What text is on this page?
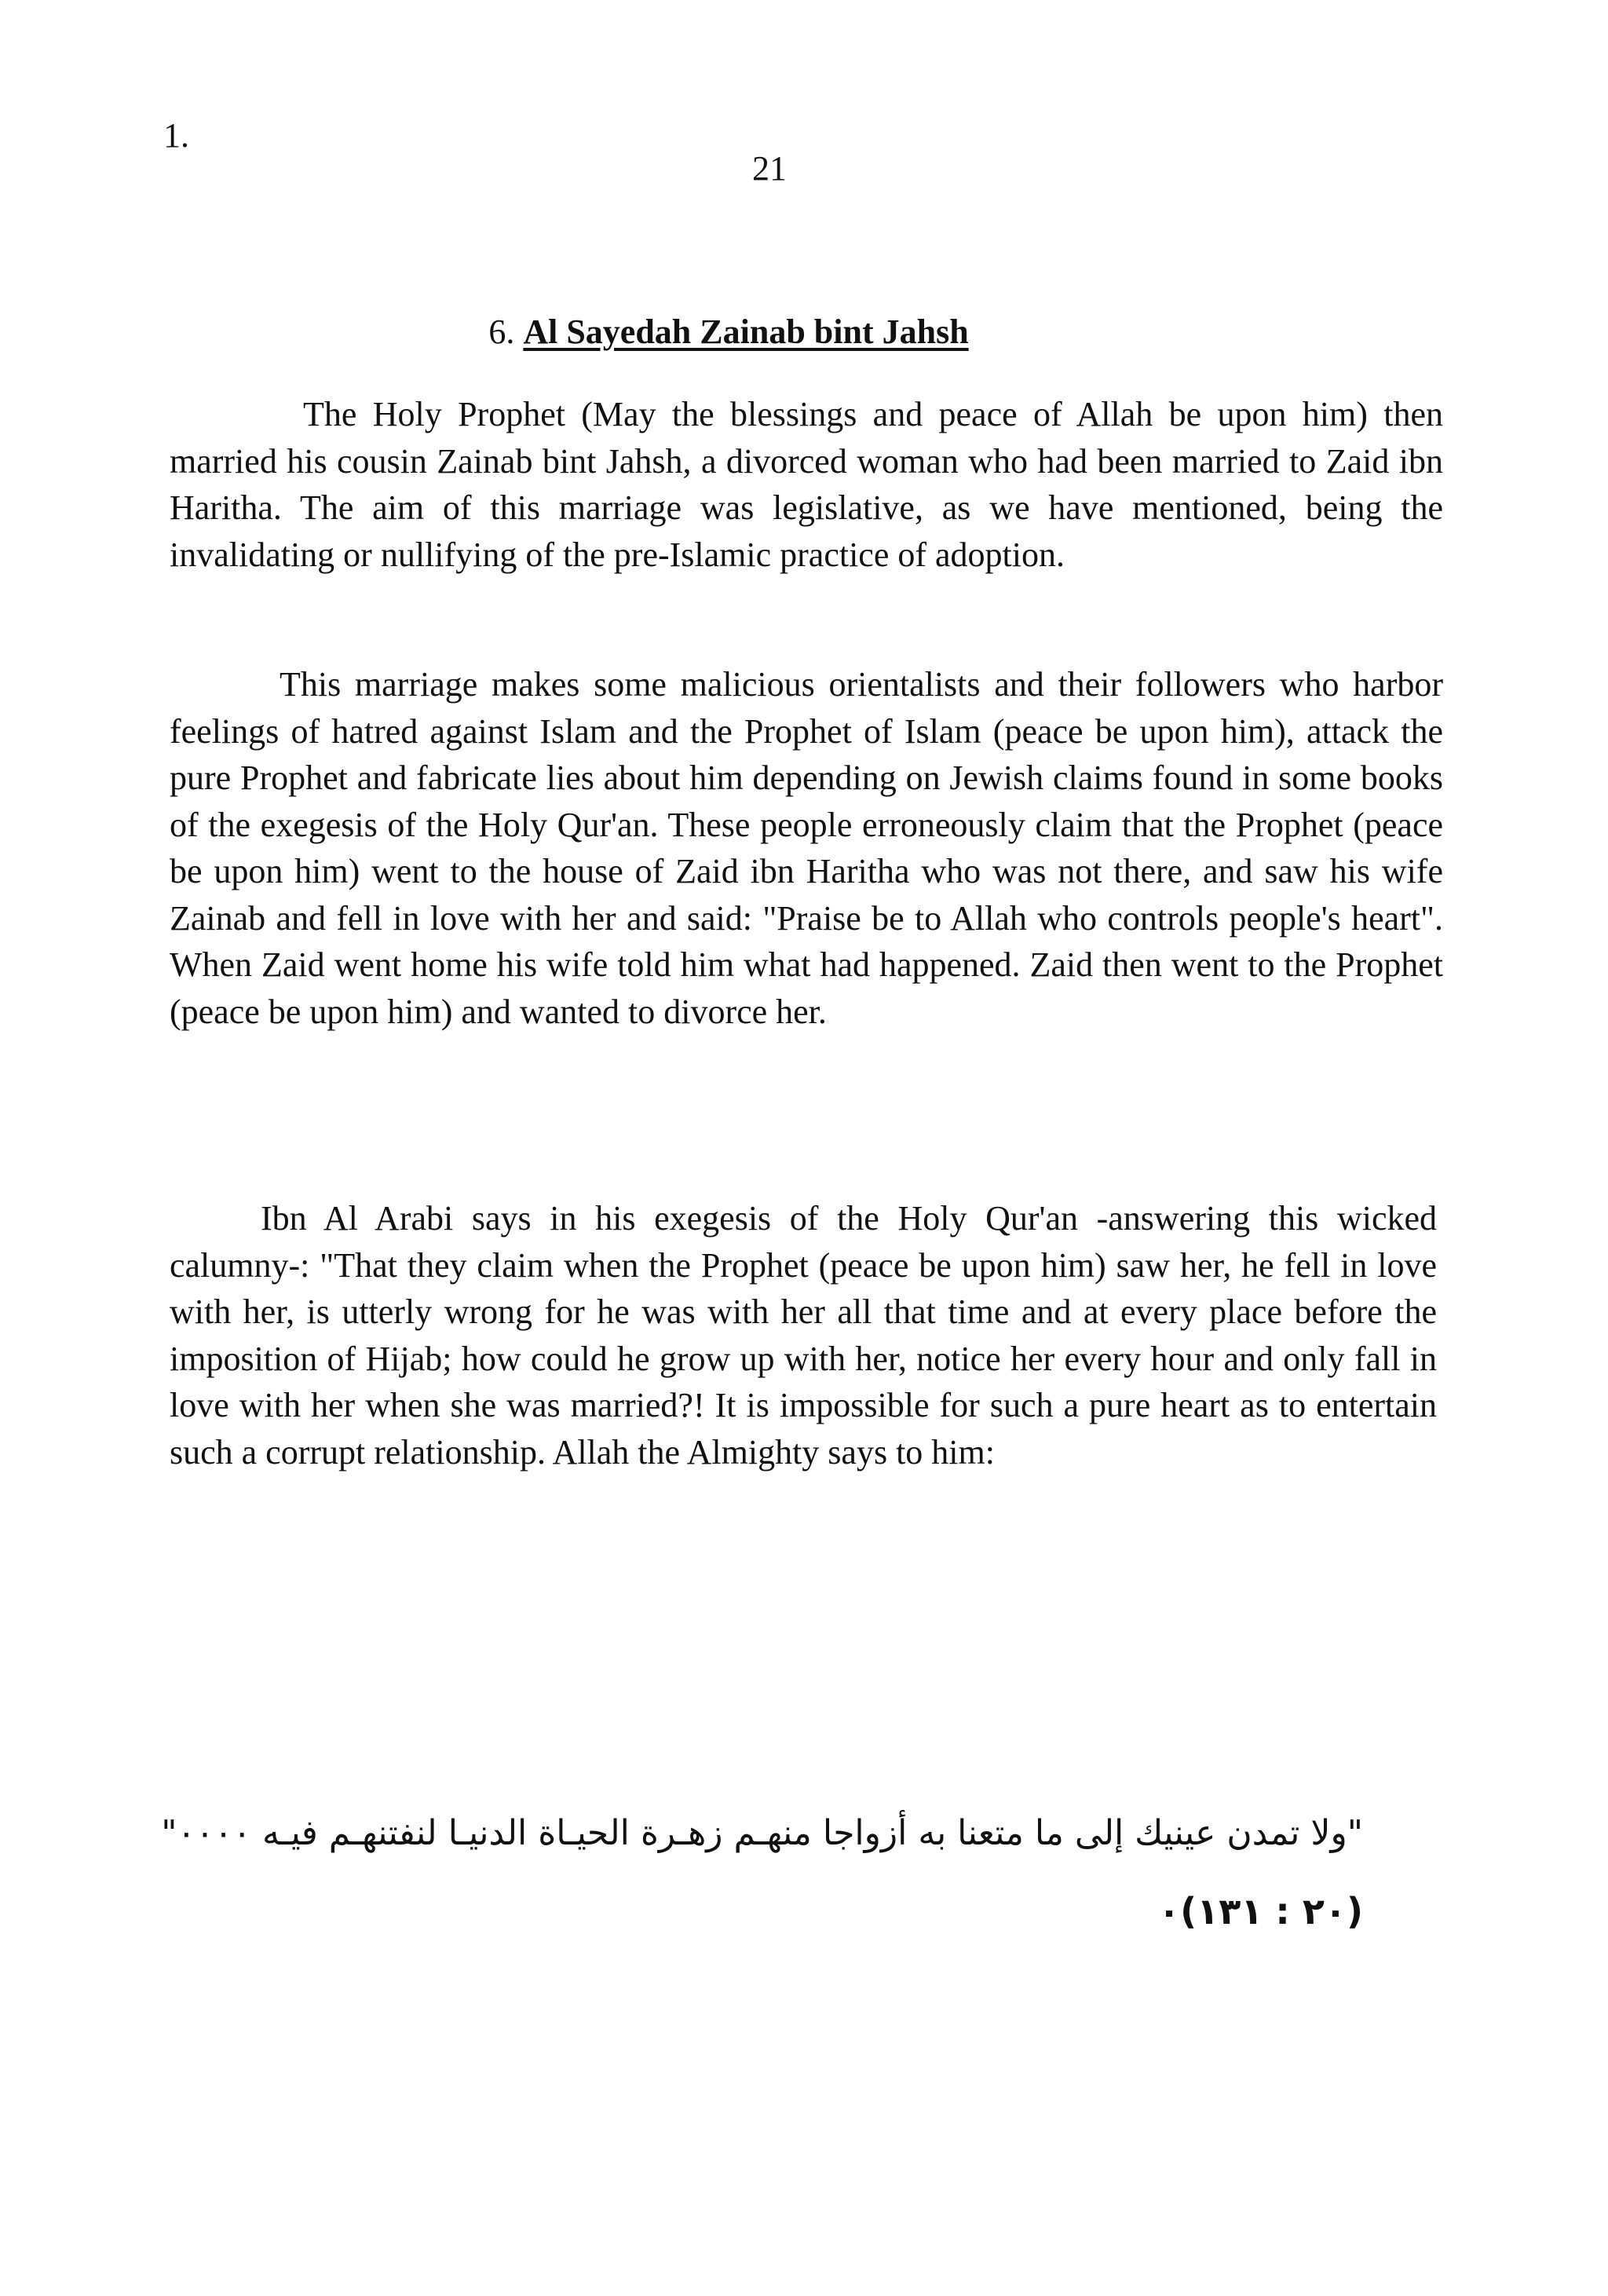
1.
21
6. Al Sayedah Zainab bint Jahsh

The Holy Prophet (May the blessings and peace of Allah be upon him) then married his cousin Zainab bint Jahsh, a divorced woman who had been married to Zaid ibn Haritha. The aim of this marriage was legislative, as we have mentioned, being the invalidating or nullifying of the pre-Islamic practice of adoption.

This marriage makes some malicious orientalists and their followers who harbor feelings of hatred against Islam and the Prophet of Islam (peace be upon him), attack the pure Prophet and fabricate lies about him depending on Jewish claims found in some books of the exegesis of the Holy Qur'an. These people erroneously claim that the Prophet (peace be upon him) went to the house of Zaid ibn Haritha who was not there, and saw his wife Zainab and fell in love with her and said: "Praise be to Allah who controls people's heart". When Zaid went home his wife told him what had happened. Zaid then went to the Prophet (peace be upon him) and wanted to divorce her.

Ibn Al Arabi says in his exegesis of the Holy Qur'an -answering this wicked calumny-: "That they claim when the Prophet (peace be upon him) saw her, he fell in love with her, is utterly wrong for he was with her all that time and at every place before the imposition of Hijab; how could he grow up with her, notice her every hour and only fall in love with her when she was married?! It is impossible for such a pure heart as to entertain such a corrupt relationship. Allah the Almighty says to him:

"ولا تمدن عينيك إلى ما متعنا به أزواجا منهـم زهـرة الحيـاة الدنيـا لنفتنهـم فيـه ٠٠٠٠"
(٢٠ : ١٣١)٠
